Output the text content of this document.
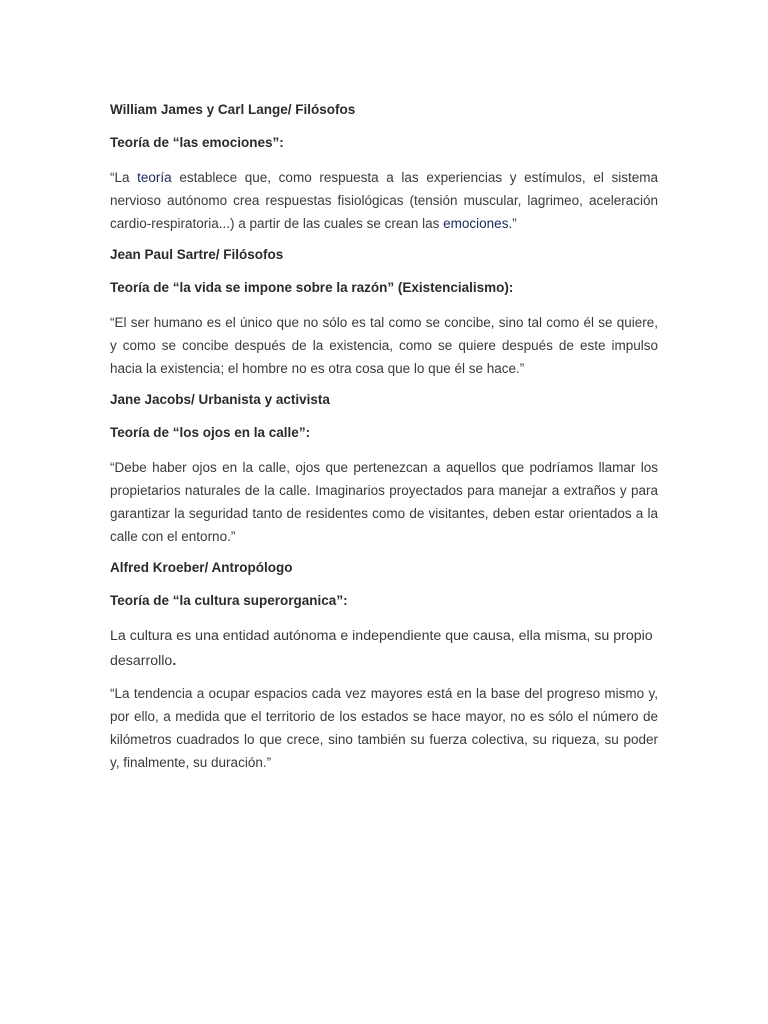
William James y Carl Lange/ Filósofos

Teoría de “las emociones”:

“La teoría establece que, como respuesta a las experiencias y estímulos, el sistema nervioso autónomo crea respuestas fisiológicas (tensión muscular, lagrimeo, aceleración cardio-respiratoria...) a partir de las cuales se crean las emociones.”

Jean Paul Sartre/ Filósofos

Teoría de “la vida se impone sobre la razón” (Existencialismo):

“El ser humano es el único que no sólo es tal como se concibe, sino tal como él se quiere, y como se concibe después de la existencia, como se quiere después de este impulso hacia la existencia; el hombre no es otra cosa que lo que él se hace.”

Jane Jacobs/ Urbanista y activista

Teoría de “los ojos en la calle”:

“Debe haber ojos en la calle, ojos que pertenezcan a aquellos que podríamos llamar los propietarios naturales de la calle. Imaginarios proyectados para manejar a extraños y para garantizar la seguridad tanto de residentes como de visitantes, deben estar orientados a la calle con el entorno.”

Alfred Kroeber/ Antropólogo

Teoría de “la cultura superorganica”:

La cultura es una entidad autónoma e independiente que causa, ella misma, su propio desarrollo.

“La tendencia a ocupar espacios cada vez mayores está en la base del progreso mismo y, por ello, a medida que el territorio de los estados se hace mayor, no es sólo el número de kilómetros cuadrados lo que crece, sino también su fuerza colectiva, su riqueza, su poder y, finalmente, su duración.”
